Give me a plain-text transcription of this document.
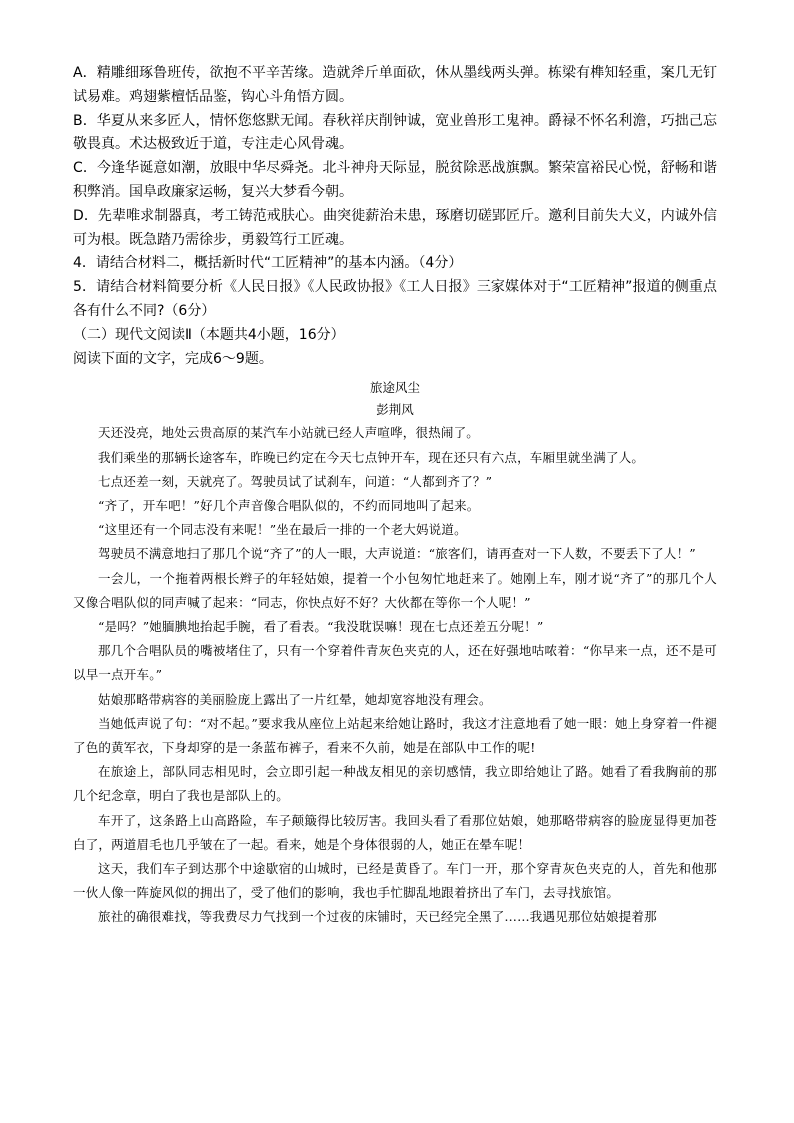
A．精雕细琢鲁班传，欲抱不平辛苦缘。造就斧斤单面砍，休从墨线两头弹。栋梁有榫知轻重，案几无钉试易难。鸡翅紫檀恬品鉴，钩心斗角悟方圆。

B．华夏从来多匠人，情怀您悠默无闻。春秋祥庆削钟诚，宽业兽形工鬼神。爵禄不怀名利澹，巧拙己忘敬畏真。术达极致近于道，专注走心风骨魂。

C．今逢华诞意如潮，放眼中华尽舜尧。北斗神舟天际显，脱贫除恶战旗飘。繁荣富裕民心悦，舒畅和谐积弊消。国阜政廉家运畅，复兴大梦看今朝。

D．先辈唯求制器真，考工铸范戒肤心。曲突徙薪治未患，琢磨切磋郢匠斤。邀利目前失大义，内诚外信可为根。既急踏乃需徐步，勇毅笃行工匠魂。

4．请结合材料二，概括新时代“工匠精神”的基本内涵。（4分）

5．请结合材料简要分析《人民日报》《人民政协报》《工人日报》三家媒体对于“工匠精神”报道的侧重点各有什么不同?（6分）

（二）现代文阅读Ⅱ（本题共4小题，16分）

阅读下面的文字，完成6～9题。

旅途风尘

彭荆风

天还没亮，地处云贵高原的某汽车小站就已经人声喧哗，很热闹了。

我们乘坐的那辆长途客车，昨晚已约定在今天七点钟开车，现在还只有六点，车厢里就坐满了人。

七点还差一刻，天就亮了。驾驶员试了试刹车，问道：“人都到齐了？”

“齐了，开车吧！”好几个声音像合唱队似的，不约而同地叫了起来。

“这里还有一个同志没有来呢！”坐在最后一排的一个老大妈说道。

驾驶员不满意地扫了那几个说“齐了”的人一眼，大声说道：“旅客们，请再查对一下人数，不要丢下了人！”

一会儿，一个拖着两根长辫子的年轻姑娘，提着一个小包匆忙地赶来了。她刚上车，刚才说“齐了”的那几个人又像合唱队似的同声喊了起来：“同志，你快点好不好？大伙都在等你一个人呢！”

“是吗？”她腼腆地抬起手腕，看了看表。“我没耽误嘛！现在七点还差五分呢！”

那几个合唱队员的嘴被堵住了，只有一个穿着件青灰色夹克的人，还在好强地咕哝着：“你早来一点，还不是可以早一点开车。”

姑娘那略带病容的美丽脸庞上露出了一片红晕，她却宽容地没有理会。

当她低声说了句：“对不起。”要求我从座位上站起来给她让路时，我这才注意地看了她一眼：她上身穿着一件褪了色的黄军衣，下身却穿的是一条蓝布裤子，看来不久前，她是在部队中工作的呢!

在旅途上，部队同志相见时，会立即引起一种战友相见的亲切感情，我立即给她让了路。她看了看我胸前的那几个纪念章，明白了我也是部队上的。

车开了，这条路上山高路险，车子颠簸得比较厉害。我回头看了看那位姑娘，她那略带病容的脸庞显得更加苍白了，两道眉毛也几乎皱在了一起。看来，她是个身体很弱的人，她正在晕车呢！

这天，我们车子到达那个中途歇宿的山城时，已经是黄昏了。车门一开，那个穿青灰色夹克的人，首先和他那一伙人像一阵旋风似的拥出了，受了他们的影响，我也手忙脚乱地跟着挤出了车门，去寻找旅馆。

旅社的确很难找，等我费尽力气找到一个过夜的床铺时，天已经完全黑了……我遇见那位姑娘提着那
